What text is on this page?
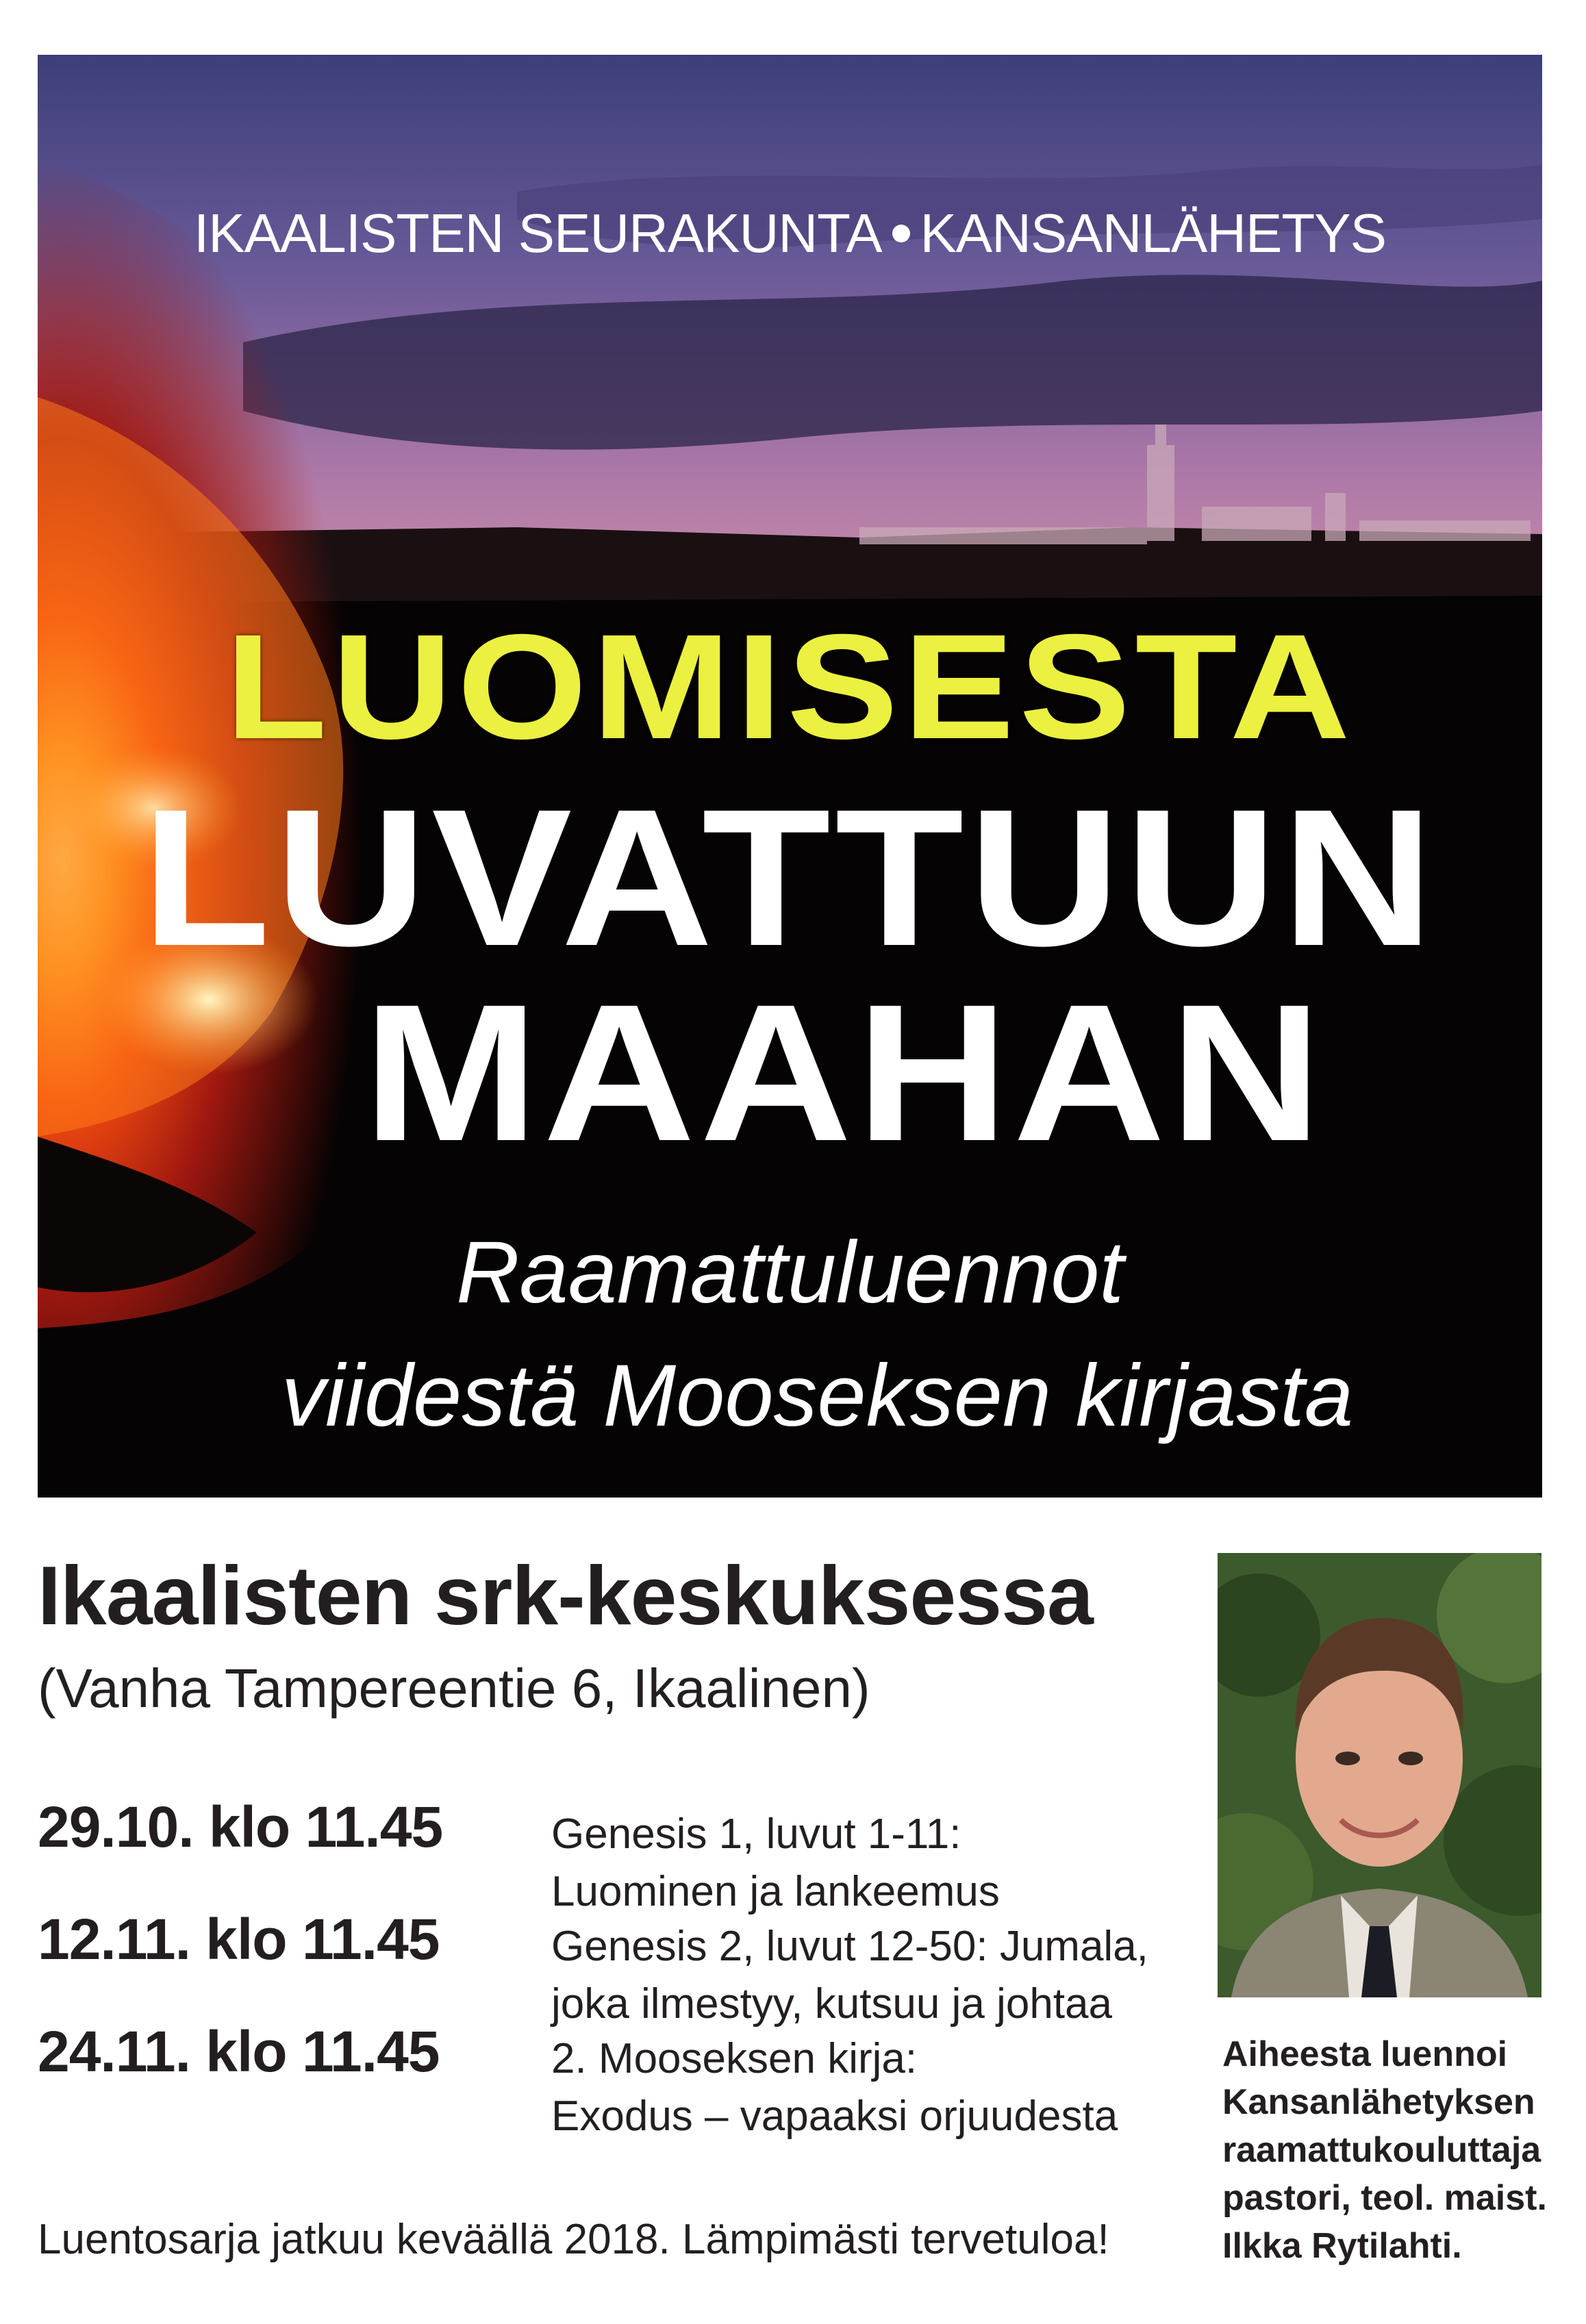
IKAALISTEN SEURAKUNTA KANSANLÄHETYS
LUOMISESTA
LUVATTUUN
MAAHAN
Raamattuluennot
viidestä Mooseksen kirjasta
Ikaalisten srk-keskuksessa
(Vanha Tampereentie 6, Ikaalinen)
29.10. klo 11.45	Genesis 1, luvut 1-11:
Luominen ja lankeemus
12.11. klo 11.45	Genesis 2, luvut 12-50: Jumala,
joka ilmestyy, kutsuu ja johtaa
24.11. klo 11.45	2. Mooseksen kirja:
Exodus – vapaaksi orjuudesta
Luentosarja jatkuu keväällä 2018. Lämpimästi tervetuloa!
Aiheesta luennoi
Kansanlähetyksen
raamattukouluttaja
pastori, teol. maist.
Ilkka Rytilahti.
